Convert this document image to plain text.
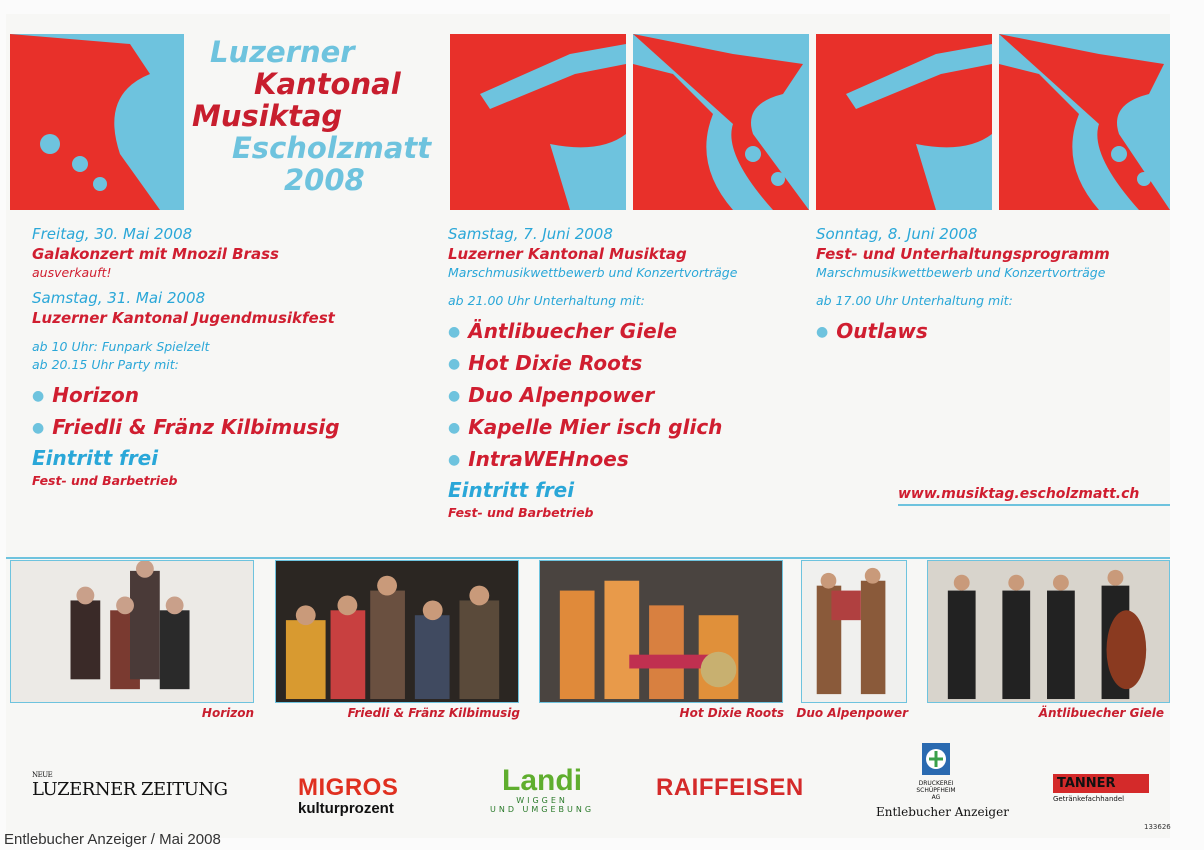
Luzerner
Kantonal
Musiktag
Escholzmatt
2008
Freitag, 30. Mai 2008
Galakonzert mit Mnozil Brass
ausverkauft!
Samstag, 31. Mai 2008
Luzerner Kantonal Jugendmusikfest
ab 10 Uhr: Funpark Spielzelt
ab 20.15 Uhr Party mit:
● Horizon
● Friedli & Fränz Kilbimusig
Eintritt frei
Fest- und Barbetrieb
Samstag, 7. Juni 2008
Luzerner Kantonal Musiktag
Marschmusikwettbewerb und Konzertvorträge
ab 21.00 Uhr Unterhaltung mit:
● Äntlibuecher Giele
● Hot Dixie Roots
● Duo Alpenpower
● Kapelle Mier isch glich
● IntraWEHnoes
Eintritt frei
Fest- und Barbetrieb
Sonntag, 8. Juni 2008
Fest- und Unterhaltungsprogramm
Marschmusikwettbewerb und Konzertvorträge
ab 17.00 Uhr Unterhaltung mit:
● Outlaws
www.musiktag.escholzmatt.ch
Horizon	Friedli & Fränz Kilbimusig	Hot Dixie Roots Duo Alpenpower	Äntlibuecher Giele
NEUE
LUZERNER ZEITUNG	MIGROS
kulturprozent
Landi
WIGGEN
UND UMGEBUNG
RAIFFEISEN	DRUCKEREI
SCHÜPFHEIM
AG
Entlebucher Anzeiger
TANNER
Getränkefachhandel
133626
Entlebucher Anzeiger / Mai 2008
